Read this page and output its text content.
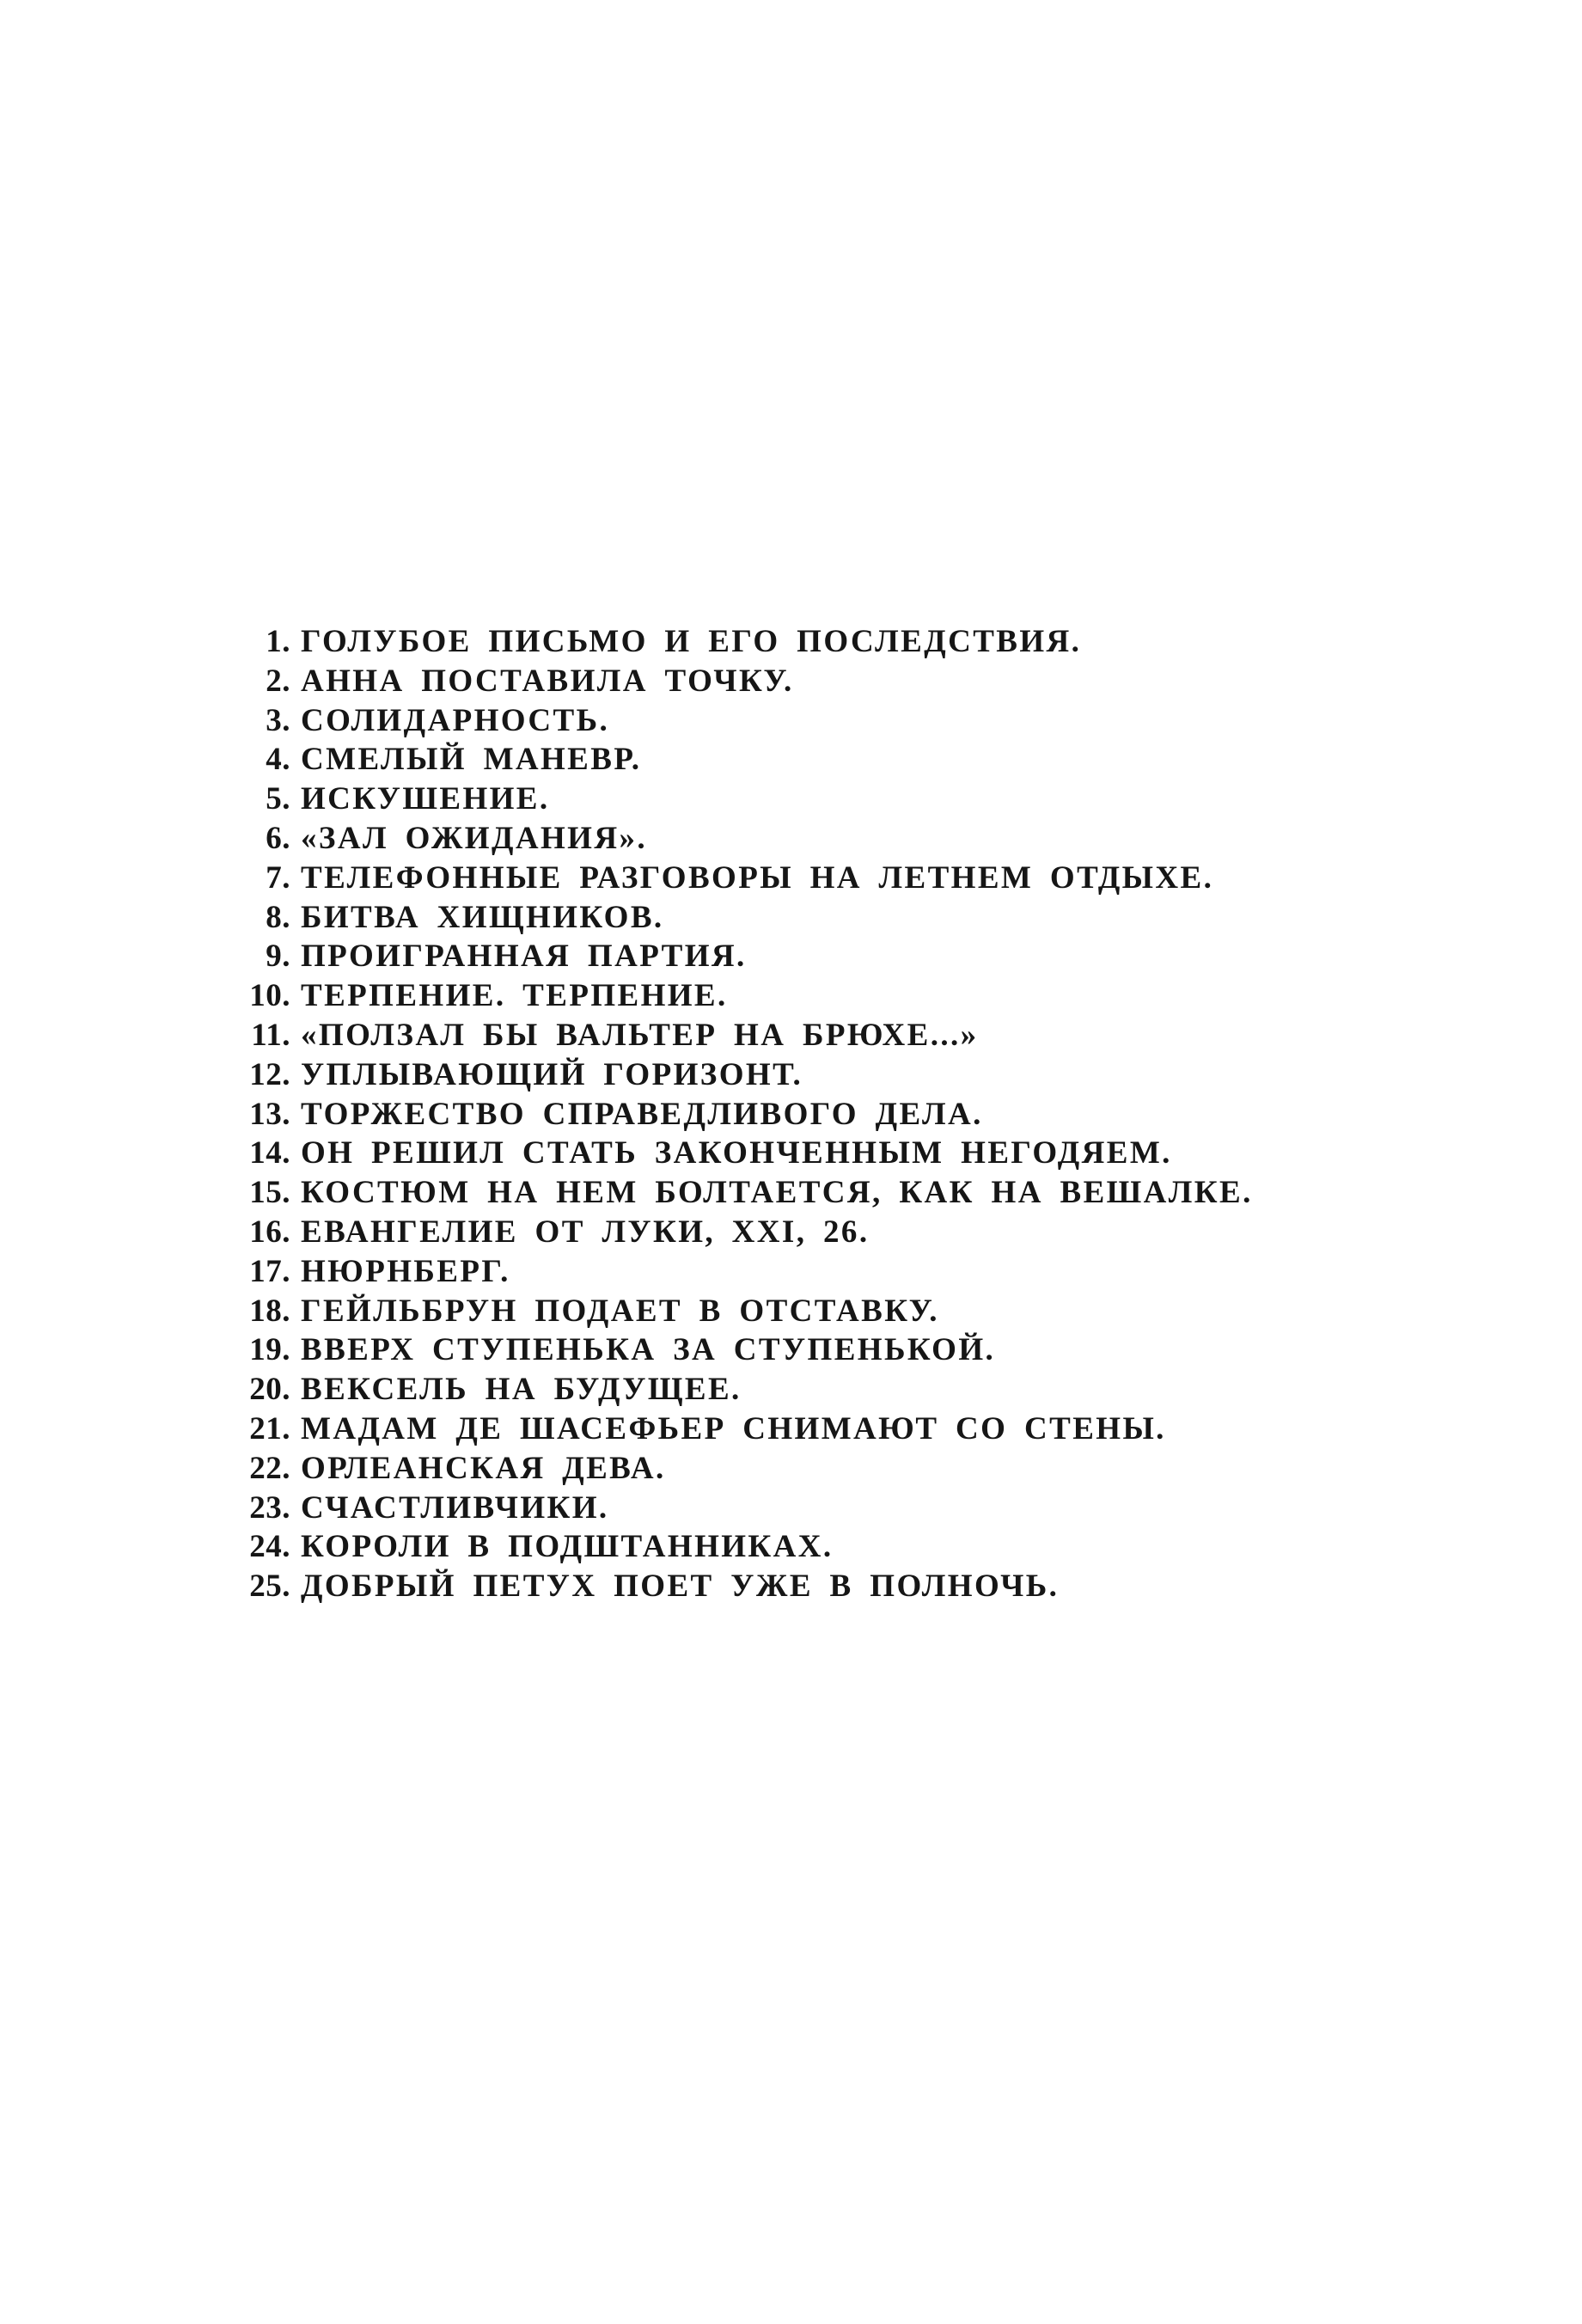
1. ГОЛУБОЕ ПИСЬМО И ЕГО ПОСЛЕДСТВИЯ.
2. АННА ПОСТАВИЛА ТОЧКУ.
3. СОЛИДАРНОСТЬ.
4. СМЕЛЫЙ МАНЕВР.
5. ИСКУШЕНИЕ.
6. «ЗАЛ ОЖИДАНИЯ».
7. ТЕЛЕФОННЫЕ РАЗГОВОРЫ НА ЛЕТНЕМ ОТДЫХЕ.
8. БИТВА ХИЩНИКОВ.
9. ПРОИГРАННАЯ ПАРТИЯ.
10. ТЕРПЕНИЕ. ТЕРПЕНИЕ.
11. «ПОЛЗАЛ БЫ ВАЛЬТЕР НА БРЮХЕ...»
12. УПЛЫВАЮЩИЙ ГОРИЗОНТ.
13. ТОРЖЕСТВО СПРАВЕДЛИВОГО ДЕЛА.
14. ОН РЕШИЛ СТАТЬ ЗАКОНЧЕННЫМ НЕГОДЯЕМ.
15. КОСТЮМ НА НЕМ БОЛТАЕТСЯ, КАК НА ВЕШАЛКЕ.
16. ЕВАНГЕЛИЕ ОТ ЛУКИ, XXI, 26.
17. НЮРНБЕРГ.
18. ГЕЙЛЬБРУН ПОДАЕТ В ОТСТАВКУ.
19. ВВЕРХ СТУПЕНЬКА ЗА СТУПЕНЬКОЙ.
20. ВЕКСЕЛЬ НА БУДУЩЕЕ.
21. МАДАМ ДЕ ШАСЕФЬЕР СНИМАЮТ СО СТЕНЫ.
22. ОРЛЕАНСКАЯ ДЕВА.
23. СЧАСТЛИВЧИКИ.
24. КОРОЛИ В ПОДШТАННИКАХ.
25. ДОБРЫЙ ПЕТУХ ПОЕТ УЖЕ В ПОЛНОЧЬ.
